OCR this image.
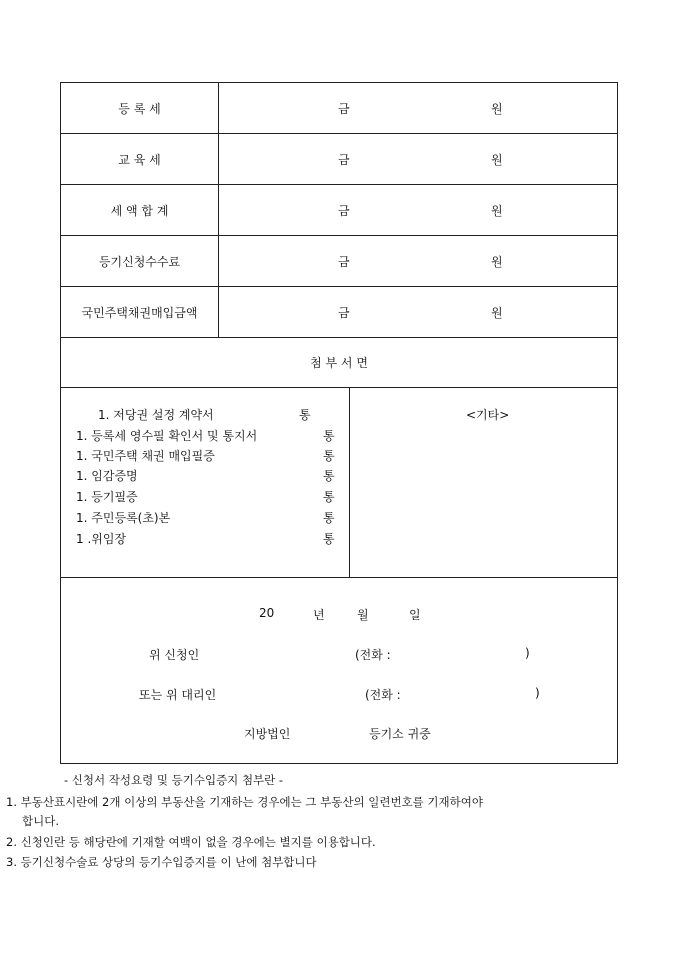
등 록 세	금	원
교 육 세	금	원
세 액 합 계	금	원
등기신청수수료	금	원
국민주택채권매입금액	금	원
첨 부 서 면
1. 저당권 설정 계약서	통
1. 등록세 영수필 확인서 및 통지서	통
1. 국민주택 채권 매입필증	통
1. 임감증명	통
1. 등기필증	통
1. 주민등록(초)본	통
1 .위임장	통
<기타>
20	년	월	일
위 신청인	(전화 :	)
또는 위 대리인	(전화 :	)
지방법인	등기소 귀중
- 신청서 작성요령 및 등기수입증지 첨부란 -
1. 부동산표시란에 2개 이상의 부동산을 기재하는 경우에는 그 부동산의 일련번호를 기재하여야
합니다.
2. 신청인란 등 해당란에 기재할 여백이 없을 경우에는 별지를 이용합니다.
3. 등기신청수술료 상당의 등기수입증지를 이 난에 첨부합니다
